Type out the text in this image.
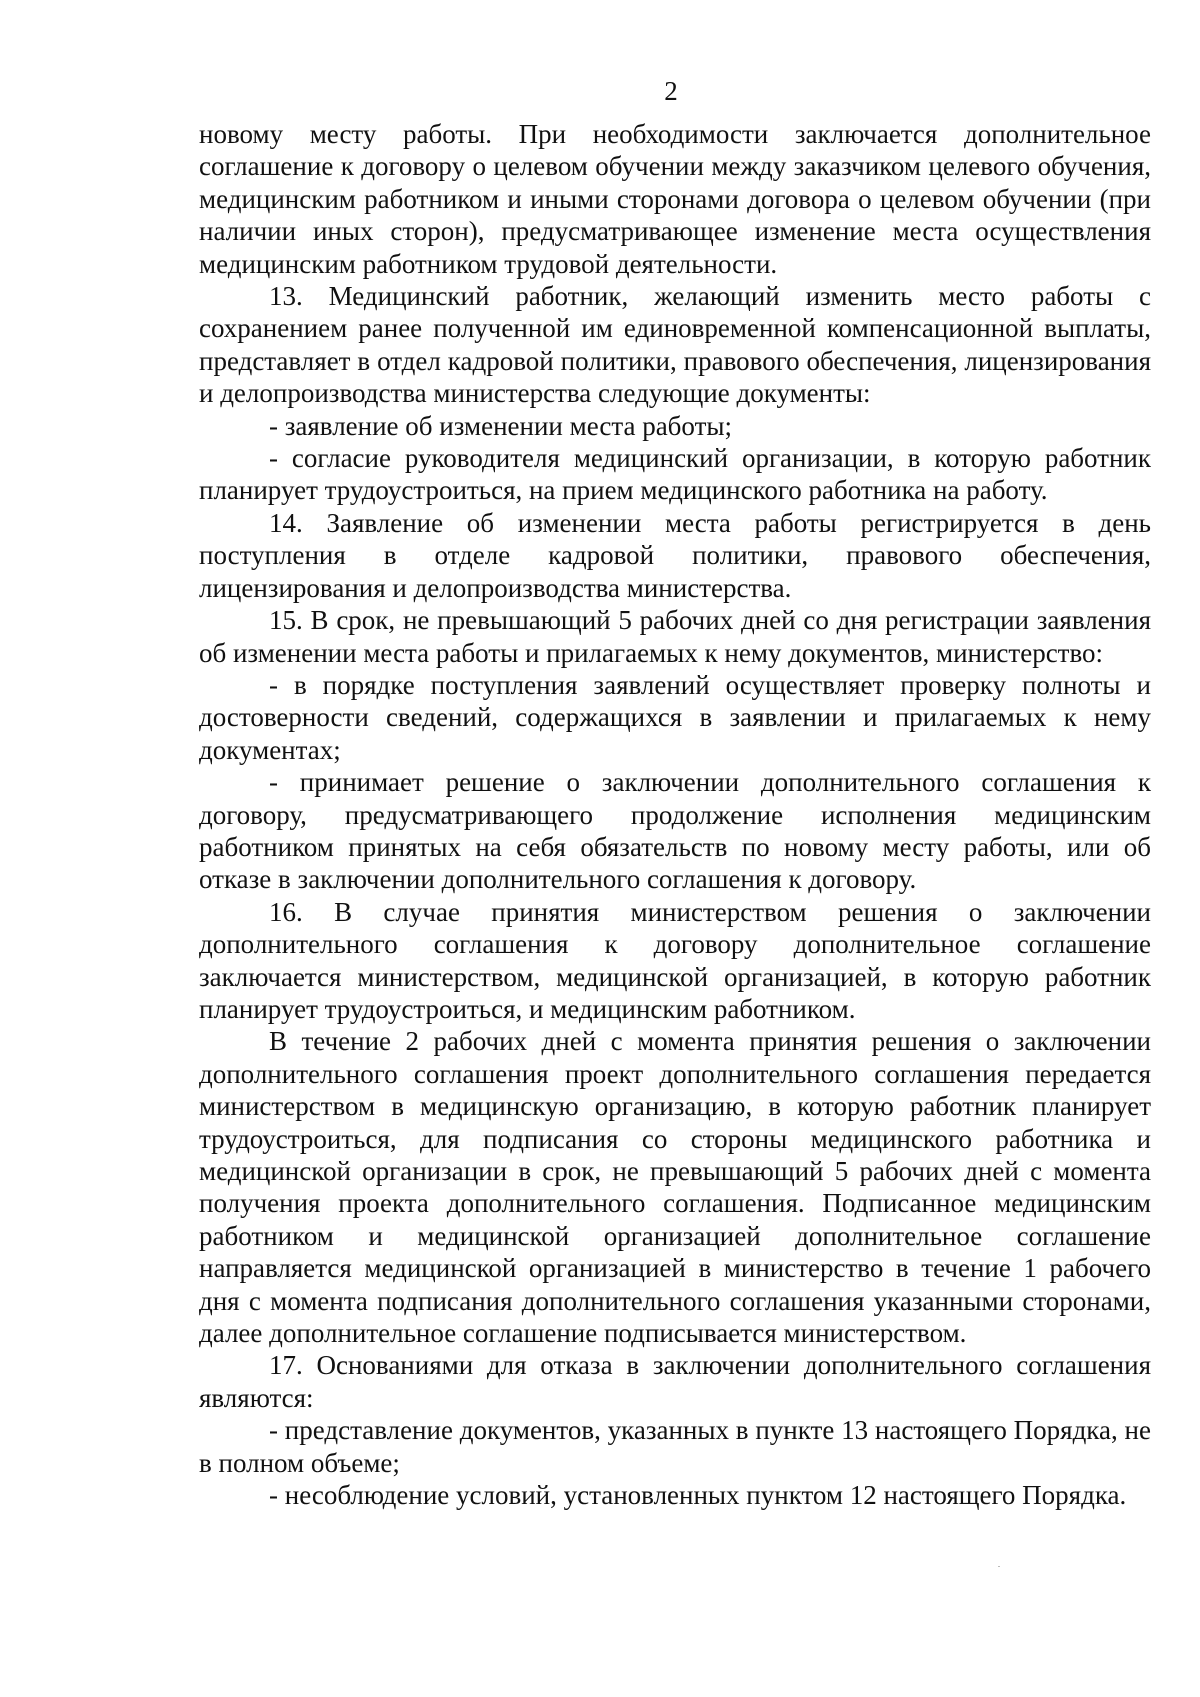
2

новому месту работы. При необходимости заключается дополнительное соглашение к договору о целевом обучении между заказчиком целевого обучения, медицинским работником и иными сторонами договора о целевом обучении (при наличии иных сторон), предусматривающее изменение места осуществления медицинским работником трудовой деятельности.

13. Медицинский работник, желающий изменить место работы с сохранением ранее полученной им единовременной компенсационной выплаты, представляет в отдел кадровой политики, правового обеспечения, лицензирования и делопроизводства министерства следующие документы:

- заявление об изменении места работы;

- согласие руководителя медицинский организации, в которую работник планирует трудоустроиться, на прием медицинского работника на работу.

14. Заявление об изменении места работы регистрируется в день поступления в отделе кадровой политики, правового обеспечения, лицензирования и делопроизводства министерства.

15. В срок, не превышающий 5 рабочих дней со дня регистрации заявления об изменении места работы и прилагаемых к нему документов, министерство:

- в порядке поступления заявлений осуществляет проверку полноты и достоверности сведений, содержащихся в заявлении и прилагаемых к нему документах;

- принимает решение о заключении дополнительного соглашения к договору, предусматривающего продолжение исполнения медицинским работником принятых на себя обязательств по новому месту работы, или об отказе в заключении дополнительного соглашения к договору.

16. В случае принятия министерством решения о заключении дополнительного соглашения к договору дополнительное соглашение заключается министерством, медицинской организацией, в которую работник планирует трудоустроиться, и медицинским работником.

В течение 2 рабочих дней с момента принятия решения о заключении дополнительного соглашения проект дополнительного соглашения передается министерством в медицинскую организацию, в которую работник планирует трудоустроиться, для подписания со стороны медицинского работника и медицинской организации в срок, не превышающий 5 рабочих дней с момента получения проекта дополнительного соглашения. Подписанное медицинским работником и медицинской организацией дополнительное соглашение направляется медицинской организацией в министерство в течение 1 рабочего дня с момента подписания дополнительного соглашения указанными сторонами, далее дополнительное соглашение подписывается министерством.

17. Основаниями для отказа в заключении дополнительного соглашения являются:

- представление документов, указанных в пункте 13 настоящего Порядка, не в полном объеме;

- несоблюдение условий, установленных пунктом 12 настоящего Порядка.
